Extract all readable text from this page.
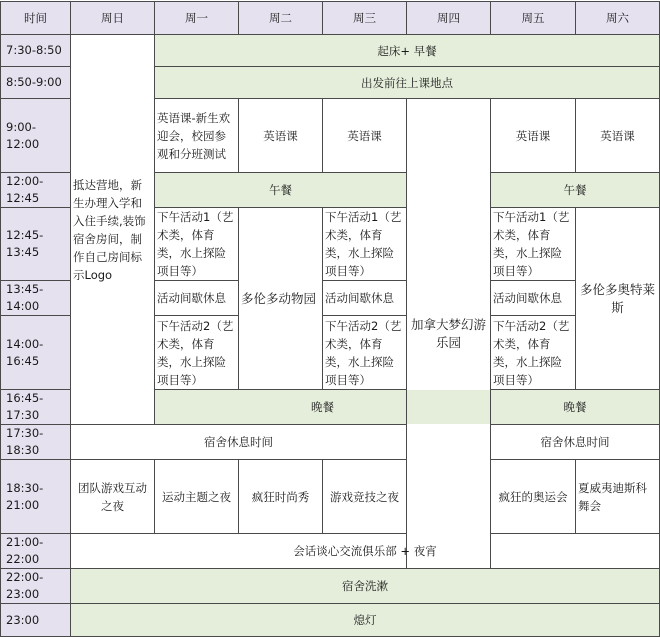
时间	周日	周一	周二	周三	周四	周五	周六
7:30-8:50	抵达营地，新生办理入学和入住手续,装饰宿舍房间，制作自己房间标示Logo	起床+ 早餐					
8:50-9:00		出发前往上课地点					
9:00-12:00		英语课-新生欢迎会，校园参观和分班测试	英语课	英语课	加拿大梦幻游乐园	英语课	英语课
12:00-12:45		午餐				午餐	
12:45-13:45		下午活动1（艺术类，体育类，水上探险项目等）	多伦多动物园	下午活动1（艺术类，体育类，水上探险项目等）		下午活动1（艺术类，体育类，水上探险项目等）	多伦多奥特莱斯
13:45-14:00		活动间歇休息		活动间歇休息		活动间歇休息	
14:00-16:45		下午活动2（艺术类，体育类，水上探险项目等）		下午活动2（艺术类，体育类，水上探险项目等）		下午活动2（艺术类，体育类，水上探险项目等）	
16:45-17:30		晚餐				晚餐	
17:30-18:30	宿舍休息时间					宿舍休息时间	
18:30-21:00	团队游戏互动之夜	运动主题之夜	疯狂时尚秀	游戏竞技之夜		疯狂的奥运会	夏威夷迪斯科舞会
21:00-22:00	会话谈心交流俱乐部 + 夜宵						
22:00-23:00	宿舍洗漱						
23:00	熄灯						
